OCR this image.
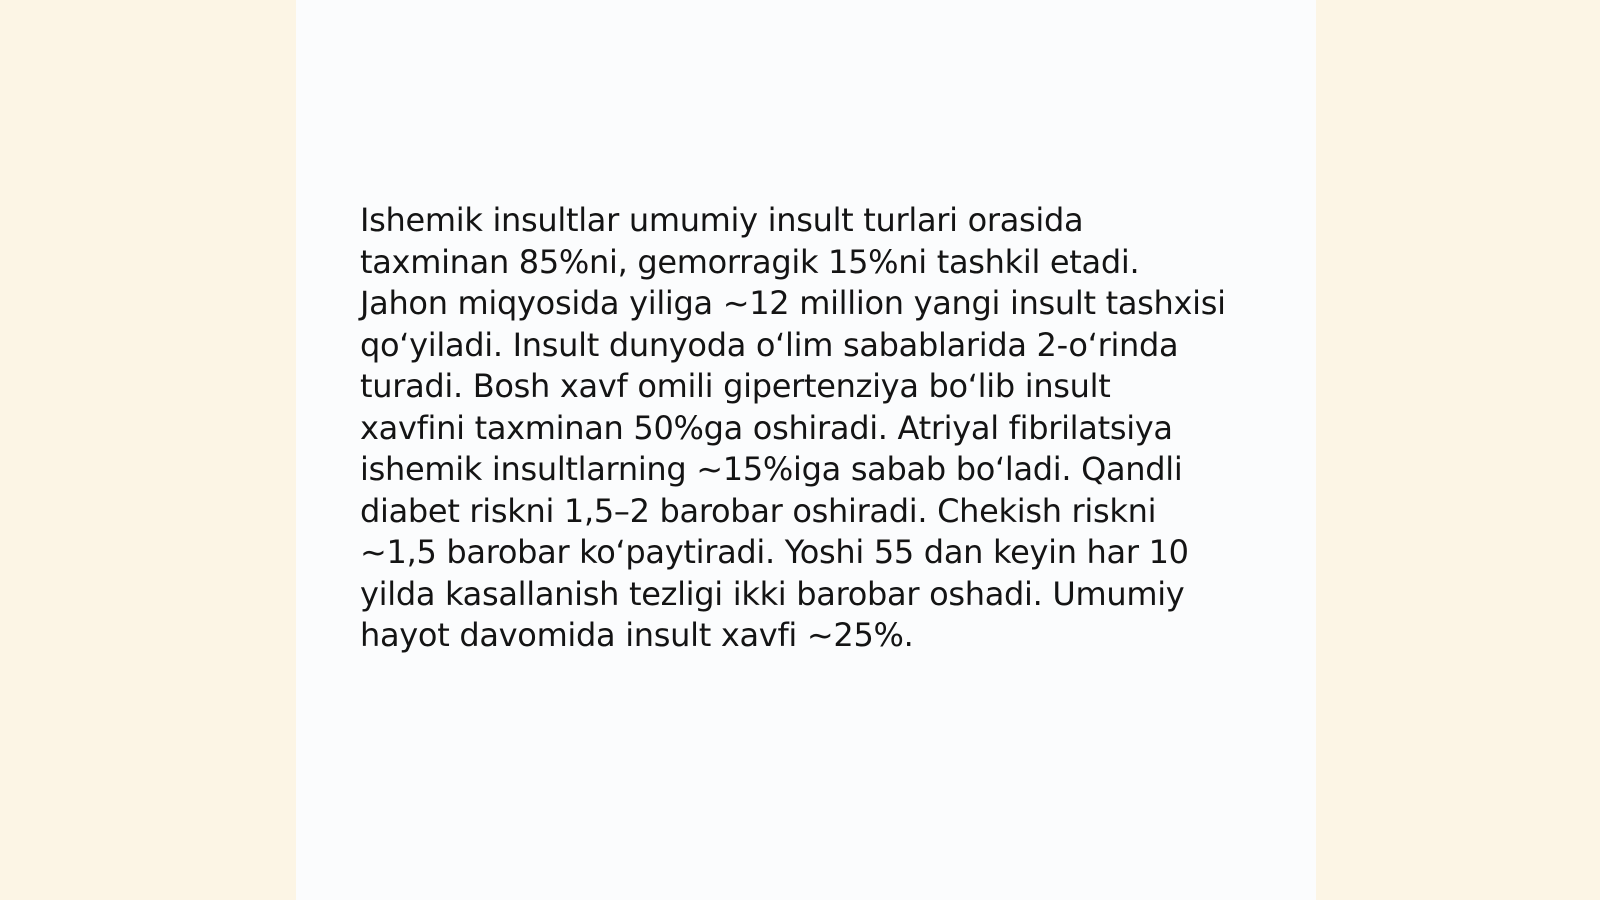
Ishemik insultlar umumiy insult turlari orasida
taxminan 85%ni, gemorragik 15%ni tashkil etadi.
Jahon miqyosida yiliga ~12 million yangi insult tashxisi
qo‘yiladi. Insult dunyoda o‘lim sabablarida 2-o‘rinda
turadi. Bosh xavf omili gipertenziya bo‘lib insult
xavfini taxminan 50%ga oshiradi. Atriyal fibrilatsiya
ishemik insultlarning ~15%iga sabab bo‘ladi. Qandli
diabet riskni 1,5–2 barobar oshiradi. Chekish riskni
~1,5 barobar ko‘paytiradi. Yoshi 55 dan keyin har 10
yilda kasallanish tezligi ikki barobar oshadi. Umumiy
hayot davomida insult xavfi ~25%.
